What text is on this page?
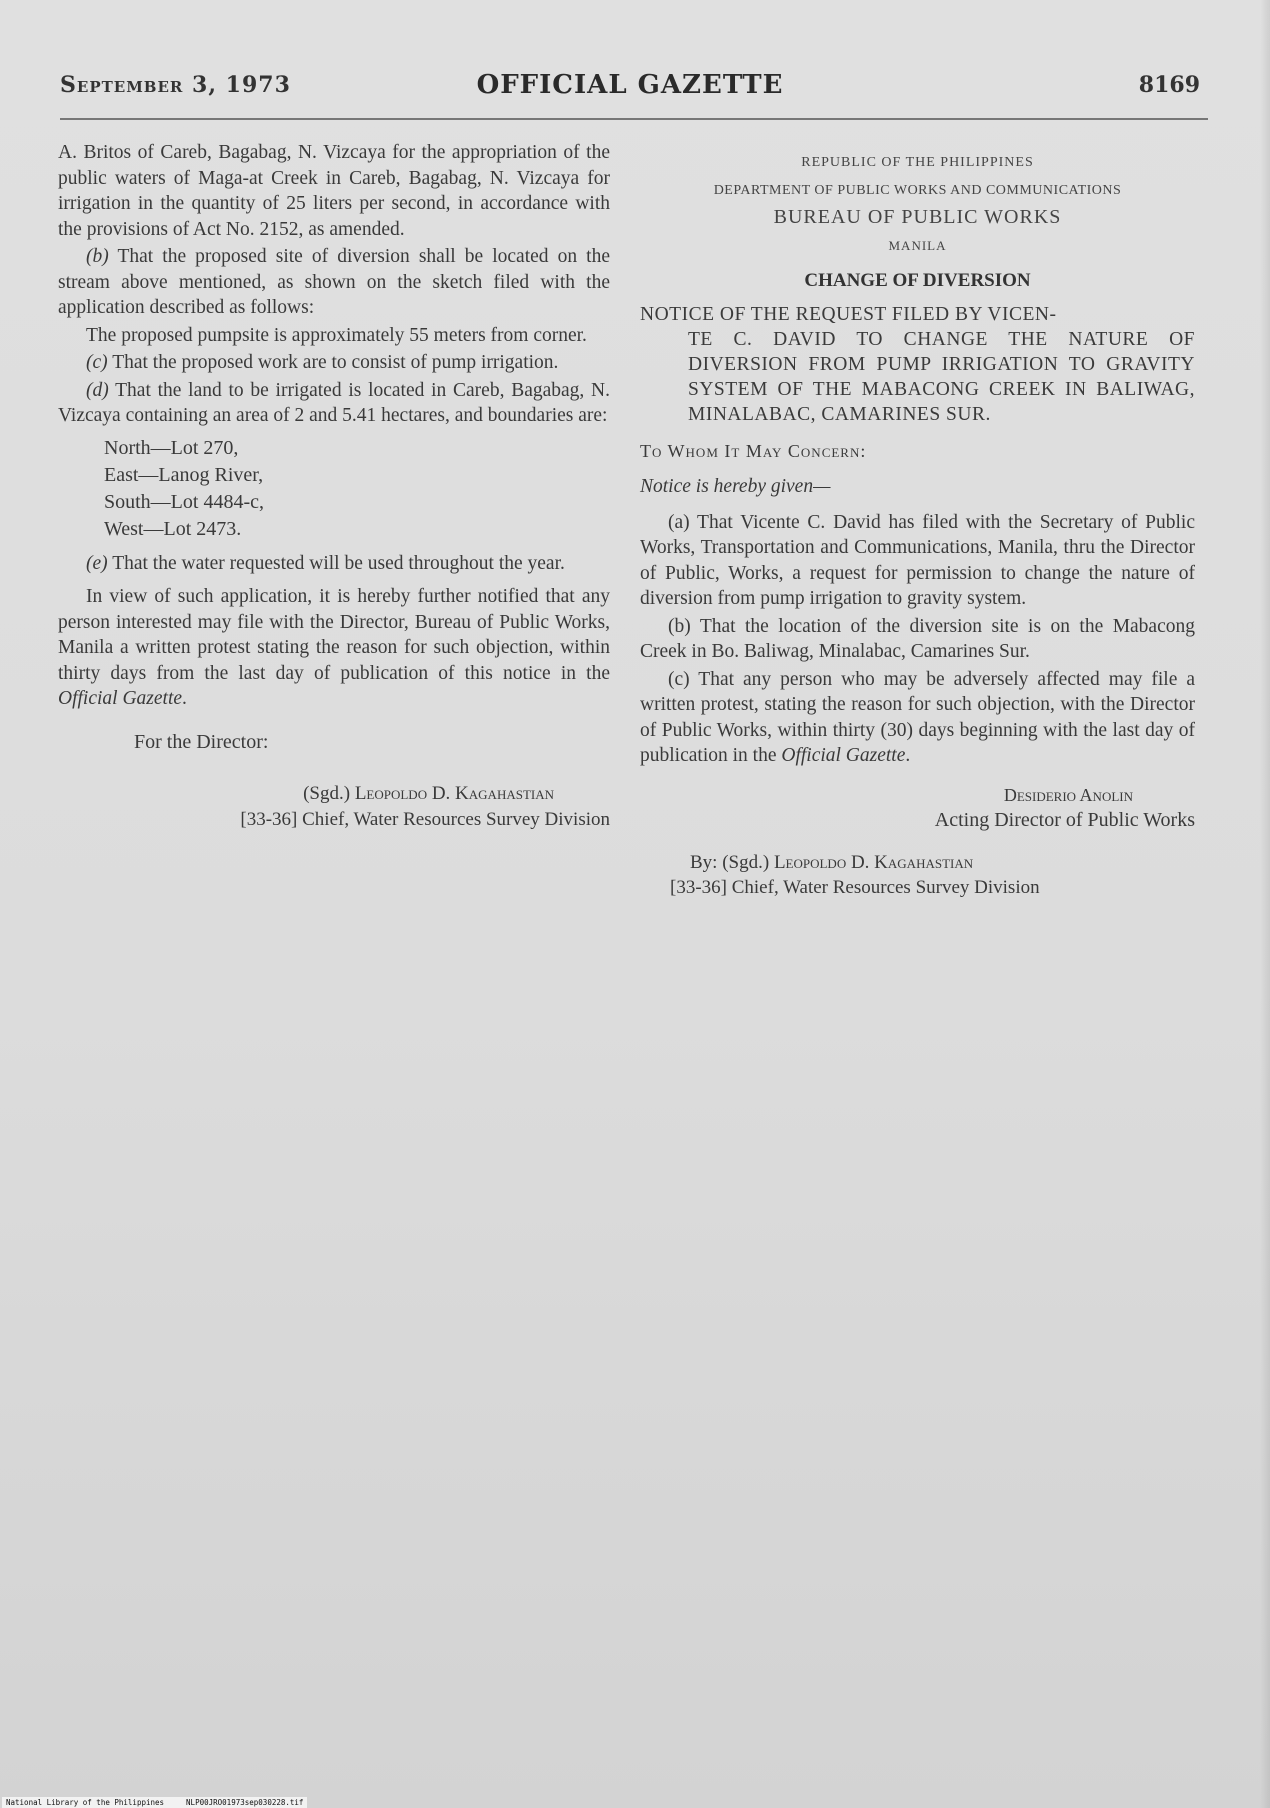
September 3, 1973	OFFICIAL GAZETTE	8169

A. Britos of Careb, Bagabag, N. Vizcaya for the appropriation of the public waters of Maga-at Creek in Careb, Bagabag, N. Vizcaya for irrigation in the quantity of 25 liters per second, in accordance with the provisions of Act No. 2152, as amended.

(b) That the proposed site of diversion shall be located on the stream above mentioned, as shown on the sketch filed with the application described as follows:

The proposed pumpsite is approximately 55 meters from corner.

(c) That the proposed work are to consist of pump irrigation.

(d) That the land to be irrigated is located in Careb, Bagabag, N. Vizcaya containing an area of 2 and 5.41 hectares, and boundaries are:

North—Lot 270,
East—Lanog River,
South—Lot 4484-c,
West—Lot 2473.

(e) That the water requested will be used throughout the year.

In view of such application, it is hereby further notified that any person interested may file with the Director, Bureau of Public Works, Manila a written protest stating the reason for such objection, within thirty days from the last day of publication of this notice in the Official Gazette.

For the Director:
(Sgd.) Leopoldo D. Kagahastian
[33-36] Chief, Water Resources Survey Division
REPUBLIC OF THE PHILIPPINES
DEPARTMENT OF PUBLIC WORKS AND COMMUNICATIONS
BUREAU OF PUBLIC WORKS
MANILA
CHANGE OF DIVERSION
NOTICE OF THE REQUEST FILED BY VICEN-
TE C. DAVID TO CHANGE THE NATURE OF DIVERSION FROM PUMP IRRIGATION TO GRAVITY SYSTEM OF THE MABACONG CREEK IN BALIWAG, MINALABAC, CAMARINES SUR.
To Whom It May Concern:
Notice is hereby given—

(a) That Vicente C. David has filed with the Secretary of Public Works, Transportation and Communications, Manila, thru the Director of Public, Works, a request for permission to change the nature of diversion from pump irrigation to gravity system.

(b) That the location of the diversion site is on the Mabacong Creek in Bo. Baliwag, Minalabac, Camarines Sur.

(c) That any person who may be adversely affected may file a written protest, stating the reason for such objection, with the Director of Public Works, within thirty (30) days beginning with the last day of publication in the Official Gazette.

Desiderio Anolin
Acting Director of Public Works
By: (Sgd.) Leopoldo D. Kagahastian
[33-36] Chief, Water Resources Survey Division
National Library of the Philippines	NLP00JRO01973sep030228.tif
